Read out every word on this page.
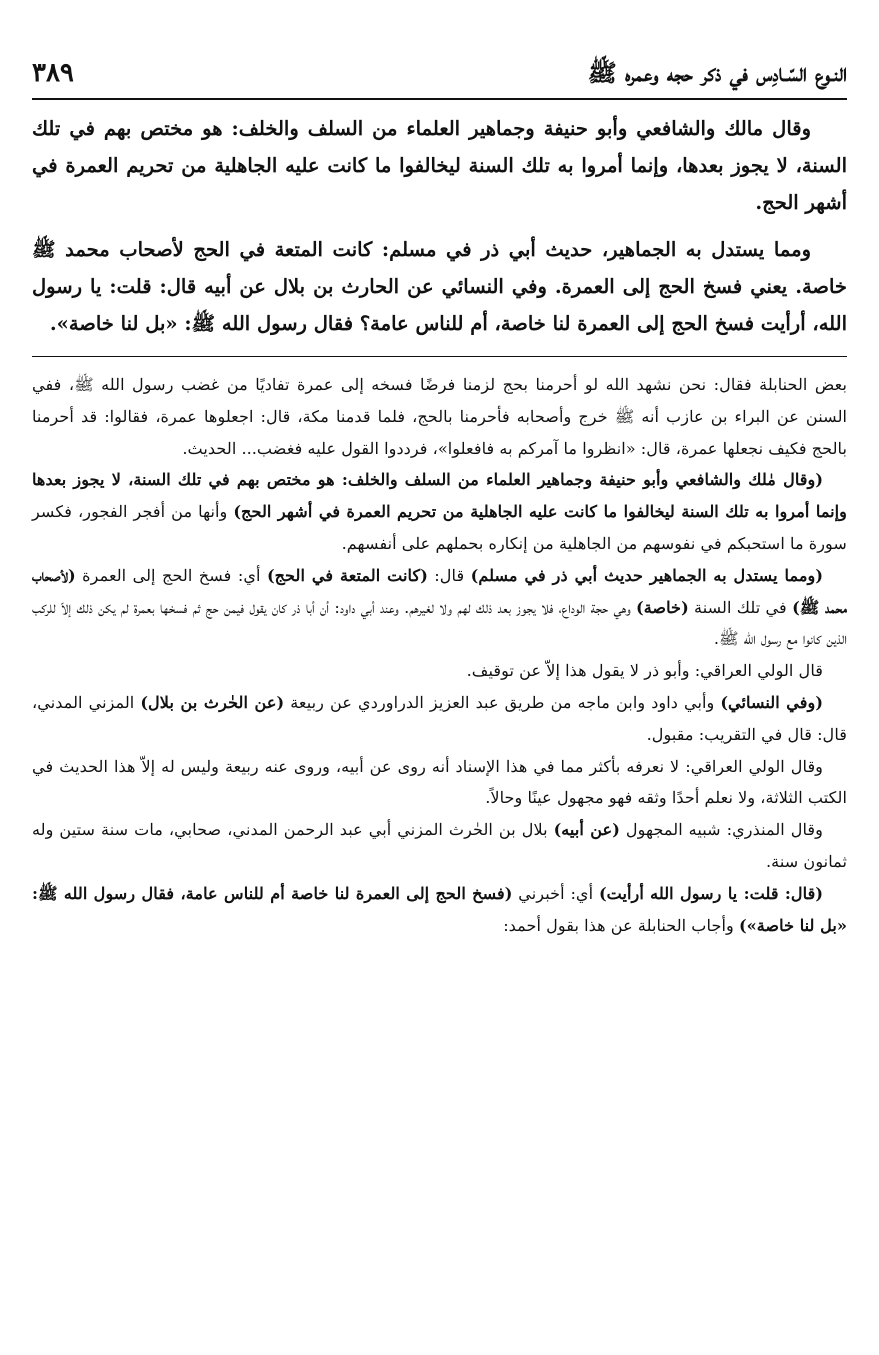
النـوع السّـادِس في ذكر حجه وعمره ﷺ
٣٨٩

وقال مالك والشافعي وأبو حنيفة وجماهير العلماء من السلف والخلف: هو مختص بهم في تلك السنة، لا يجوز بعدها، وإنما أمروا به تلك السنة ليخالفوا ما كانت عليه الجاهلية من تحريم العمرة في أشهر الحج.

ومما يستدل به الجماهير، حديث أبي ذر في مسلم: كانت المتعة في الحج لأصحاب محمد ﷺ خاصة. يعني فسخ الحج إلى العمرة. وفي النسائي عن الحارث بن بلال عن أبيه قال: قلت: يا رسول الله، أرأيت فسخ الحج إلى العمرة لنا خاصة، أم للناس عامة؟ فقال رسول الله ﷺ: «بل لنا خاصة».

بعض الحنابلة فقال: نحن نشهد الله لو أحرمنا بحج لزمنا فرضًا فسخه إلى عمرة تفاديًا من غضب رسول الله ﷺ، ففي السنن عن البراء بن عازب أنه ﷺ خرج وأصحابه فأحرمنا بالحج، فلما قدمنا مكة، قال: اجعلوها عمرة، فقالوا: قد أحرمنا بالحج فكيف نجعلها عمرة، قال: «انظروا ما آمركم به فافعلوا»، فرددوا القول عليه فغضب... الحديث.

(وقال مٰلك والشافعي وأبو حنيفة وجماهير العلماء من السلف والخلف: هو مختص بهم في تلك السنة، لا يجوز بعدها وإنما أمروا به تلك السنة ليخالفوا ما كانت عليه الجاهلية من تحريم العمرة في أشهر الحج) وأنها من أفجر الفجور، فكسر سورة ما استحبكم في نفوسهم من الجاهلية من إنكاره بحملهم على أنفسهم.

(ومما يستدل به الجماهير حديث أبي ذر في مسلم) قال: (كانت المتعة في الحج) أي: فسخ الحج إلى العمرة (لأصحاب محمد ﷺ) في تلك السنة (خاصة) وهي حجة الوداع، فلا يجوز بعد ذلك لهم ولا لغيرهم. وعند أبي داود: أن أبا ذر كان يقول فيمن حج ثم فسخها بعمرة لم يكن ذلك إلاّ للركب الذين كانوا مع رسول الله ﷺ.

قال الولي العراقي: وأبو ذر لا يقول هذا إلاّ عن توقيف.

(وفي النسائي) وأبي داود وابن ماجه من طريق عبد العزيز الدراوردي عن ربيعة (عن الحٰرث بن بلال) المزني المدني، قال: قال في التقريب: مقبول.

وقال الولي العراقي: لا نعرفه بأكثر مما في هذا الإسناد أنه روى عن أبيه، وروى عنه ربيعة وليس له إلاّ هذا الحديث في الكتب الثلاثة، ولا نعلم أحدًا وثقه فهو مجهول عينًا وحالاً.

وقال المنذري: شبيه المجهول (عن أبيه) بلال بن الحٰرث المزني أبي عبد الرحمن المدني، صحابي، مات سنة ستين وله ثمانون سنة.

(قال: قلت: يا رسول الله أرأيت) أي: أخبرني (فسخ الحج إلى العمرة لنا خاصة أم للناس عامة، فقال رسول الله ﷺ: «بل لنا خاصة») وأجاب الحنابلة عن هذا بقول أحمد:
